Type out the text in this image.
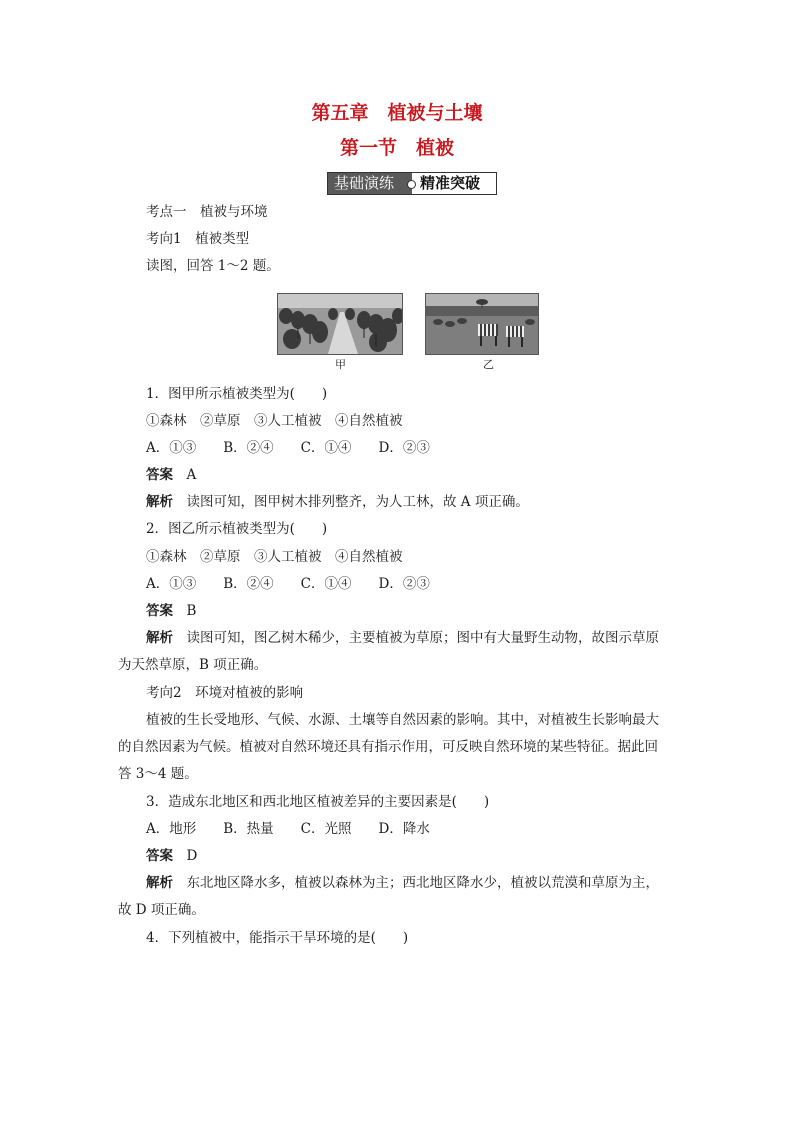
第五章　植被与土壤
第一节　植被
基础演练	精准突破
考点一　植被与环境
考向1　植被类型
读图，回答 1～2 题。
甲	乙
1．图甲所示植被类型为(　　)
①森林　②草原　③人工植被　④自然植被
A．①③　　B．②④　　C．①④　　D．②③
答案　 A
解析　 读图可知，图甲树木排列整齐，为人工林，故 A 项正确。
2．图乙所示植被类型为(　　)
①森林　②草原　③人工植被　④自然植被
A．①③　　B．②④　　C．①④　　D．②③
答案　 B
解析　 读图可知，图乙树木稀少，主要植被为草原；图中有大量野生动物，故图示草原
为天然草原，B 项正确。
考向2　环境对植被的影响
植被的生长受地形、气候、水源、土壤等自然因素的影响。其中，对植被生长影响最大
的自然因素为气候。植被对自然环境还具有指示作用，可反映自然环境的某些特征。据此回
答 3～4 题。
3．造成东北地区和西北地区植被差异的主要因素是(　　)
A．地形　　B．热量　　C．光照　　D．降水
答案　 D
解析　 东北地区降水多，植被以森林为主；西北地区降水少，植被以荒漠和草原为主，
故 D 项正确。
4．下列植被中，能指示干旱环境的是(　　)
